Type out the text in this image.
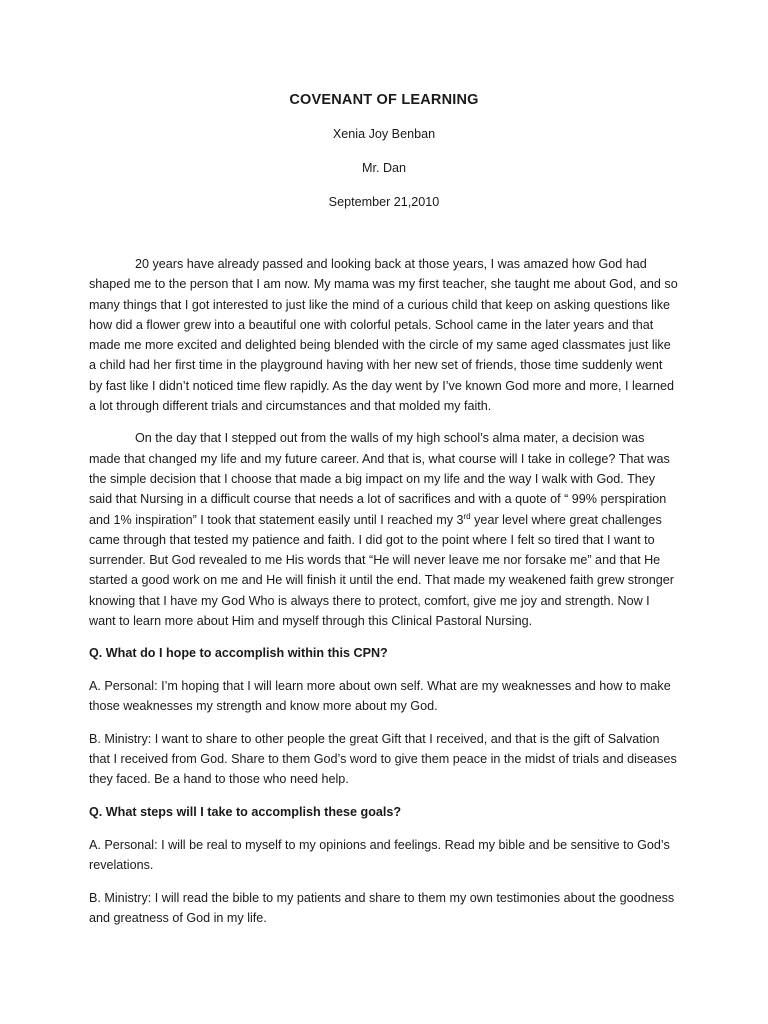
COVENANT OF LEARNING
Xenia Joy Benban
Mr. Dan
September 21,2010

20 years have already passed and looking back at those years, I was amazed how God had shaped me to the person that I am now. My mama was my first teacher, she taught me about God, and so many things that I got interested to just like the mind of a curious child that keep on asking questions like how did a flower grew into a beautiful one with colorful petals. School came in the later years and that made me more excited and delighted being blended with the circle of my same aged classmates just like a child had her first time in the playground having with her new set of friends, those time suddenly went by fast like I didn’t noticed time flew rapidly. As the day went by I’ve known God more and more, I learned a lot through different trials and circumstances and that molded my faith.

On the day that I stepped out from the walls of my high school’s alma mater, a decision was made that changed my life and my future career. And that is, what course will I take in college? That was the simple decision that I choose that made a big impact on my life and the way I walk with God. They said that Nursing in a difficult course that needs a lot of sacrifices and with a quote of “ 99% perspiration and 1% inspiration” I took that statement easily until I reached my 3rd year level where great challenges came through that tested my patience and faith. I did got to the point where I felt so tired that I want to surrender. But God revealed to me His words that “He will never leave me nor forsake me” and that He started a good work on me and He will finish it until the end. That made my weakened faith grew stronger knowing that I have my God Who is always there to protect, comfort, give me joy and strength. Now I want to learn more about Him and myself through this Clinical Pastoral Nursing.

Q. What do I hope to accomplish within this CPN?

A. Personal: I’m hoping that I will learn more about own self. What are my weaknesses and how to make those weaknesses my strength and know more about my God.

B. Ministry: I want to share to other people the great Gift that I received, and that is the gift of Salvation that I received from God. Share to them God’s word to give them peace in the midst of trials and diseases they faced. Be a hand to those who need help.

Q. What steps will I take to accomplish these goals?

A. Personal: I will be real to myself to my opinions and feelings. Read my bible and be sensitive to God’s revelations.

B. Ministry: I will read the bible to my patients and share to them my own testimonies about the goodness and greatness of God in my life.
